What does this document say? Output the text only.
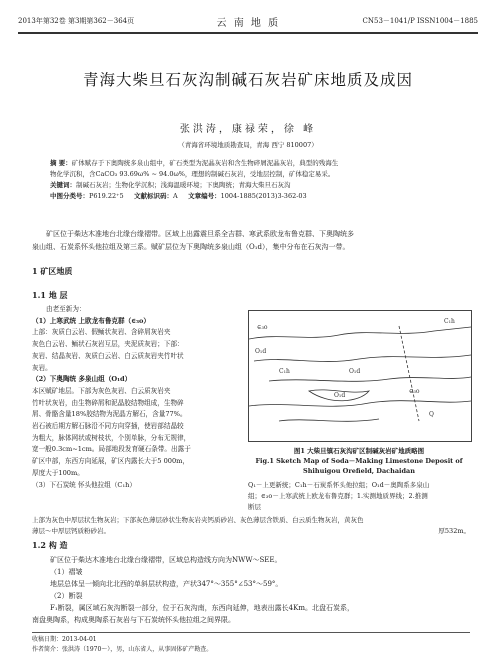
2013年第32卷 第3期第362－364页	云 南 地 质	CN53－1041/P ISSN1004－1885
青海大柴旦石灰沟制碱石灰岩矿床地质及成因
张洪涛，康禄荣，徐 峰
（青海省环境地质勘查局，青海 西宁 810007）
摘 要：矿体赋存于下奥陶统多泉山组中，矿石类型为泥晶灰岩和含生物碎屑泥晶灰岩，典型的残海生
物化学沉积，含CaCO₃ 93.69ω% ~ 94.0ω%，理想的制碱石灰岩，受地层控制，矿体稳定易采。
关键词：制碱石灰岩；生物化学沉积；浅海温暖环境；下奥陶统；青海大柴旦石灰沟
中图分类号：P619.22⁺5 文献标识码：A 文章编号：1004-1885(2013)3-362-03
矿区位于柴达木准地台北缘台缘褶带。区域上出露震旦系全吉群、寒武系欧龙布鲁克群、下奥陶统多
泉山组、石炭系怀头他拉组及第三系。赋矿层位为下奥陶统多泉山组（O₁d），集中分布在石灰沟一带。
1 矿区地质
1.1 地 层
由老至新为：
（1）上寒武统 上欧龙布鲁克群（∈₃o）
上部：灰质白云岩、假鲕状灰岩、含碎屑灰岩夹
灰色白云岩、鲕状石灰岩互层，夹泥质灰岩；下部：
灰岩、结晶灰岩、灰质白云岩、白云质灰岩夹竹叶状
灰岩。
（2）下奥陶统 多泉山组（O₁d）
本区赋矿地层。下部为灰色灰岩、白云质灰岩夹
竹叶状灰岩，由生物碎屑和泥晶胶结物组成，生物碎
屑、骨骼含量18%胶结物为泥晶方解石，含量77%。
岩石被后期方解石脉沿不同方向穿插，使岩部结晶较
为粗大，脉体网状或树枝状，个别单脉，分布无规律，
宽一般0.3cm~1cm。局部地段发育硬石条带。出露于
矿区中部，东西方向延展，矿区内露长大于5 000m，
厚度大于100m。
（3）下石炭统 怀头他拉组（C₁h）
∈₃o
C₁h
O₁d
C₁h	O₁d
∈₃o
Q
O₁d
图1 大柴旦镇石灰沟矿区制碱灰岩矿地质略图
Fig.1 Sketch Map of Soda－Making Limestone Deposit of
Shihuigou Orefield, Dachaidan
Q₁－上更新统；C₁h－石炭系怀头他拉组；O₁d－奥陶系多泉山
组；∈₃o－上寒武统上欧龙布鲁克群；1.实测地质界线；2.推测
断层
上部为灰色中厚层状生物灰岩；下部灰色薄层砂状生物灰岩夹钙质砂岩、灰色薄层含铁质、白云质生物灰岩，黄灰色
薄层～中厚层钙质粉砂岩。	厚532m。
1.2 构 造
矿区位于柴达木准地台北缘台缘褶带，区域总构造线方向为NWW～SEE。
（1）褶皱
地层总体呈一倾向北北西的单斜层状构造，产状347°～355°∠53°～59°。
（2）断裂
F₁断裂，属区域石灰沟断裂一部分，位于石灰沟南，东西向延伸，地表出露长4Km。北盘石炭系，
南盘奥陶系，构成奥陶系石灰岩与下石炭统怀头他拉组之间界限。
收稿日期：2013-04-01
作者简介：张洪涛（1970～），男，山东省人，从事固体矿产勘查。
